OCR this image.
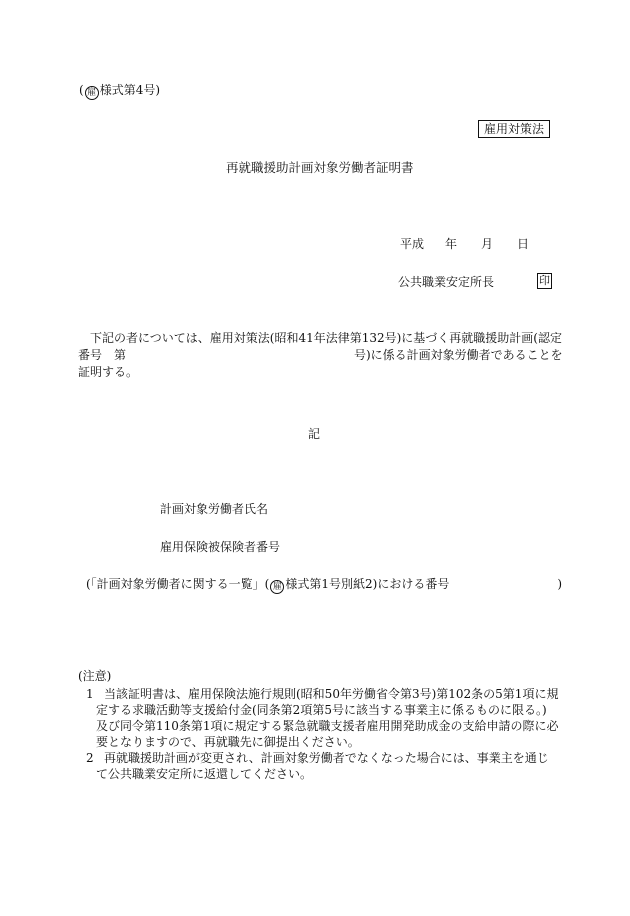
( 雇 様式第4号)
雇用対策法
再就職援助計画対象労働者証明書
平成 年 月 日
公共職業安定所長	印
　下記の者については、雇用対策法(昭和41年法律第132号)に基づく再就職援助計画(認定
番号　第　　　　　　　　　　　　　　　　　　　号)に係る計画対象労働者であることを
証明する。
記
計画対象労働者氏名
雇用保険被保険者番号
(「計画対象労働者に関する一覧」( 雇 様式第1号別紙2)における番号　　　　　　　　　)
(注意)
1 当該証明書は、雇用保険法施行規則(昭和50年労働省令第3号)第102条の5第1項に規
定する求職活動等支援給付金(同条第2項第5号に該当する事業主に係るものに限る。)
及び同令第110条第1項に規定する緊急就職支援者雇用開発助成金の支給申請の際に必
要となりますので、再就職先に御提出ください。
2 再就職援助計画が変更され、計画対象労働者でなくなった場合には、事業主を通じ
て公共職業安定所に返還してください。
